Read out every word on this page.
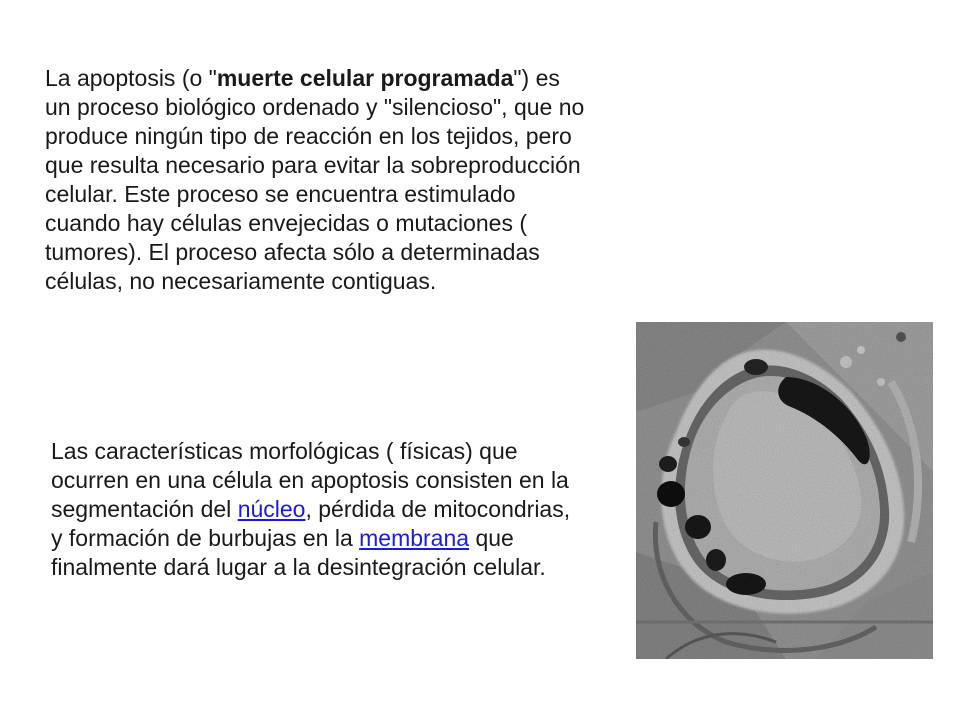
La apoptosis (o "muerte celular programada") es un proceso biológico ordenado y "silencioso", que no produce ningún tipo de reacción en los tejidos, pero que resulta necesario para evitar la sobreproducción celular. Este proceso se encuentra estimulado cuando hay células envejecidas o mutaciones ( tumores). El proceso afecta sólo a determinadas células, no necesariamente contiguas.

Las características morfológicas ( físicas) que ocurren en una célula en apoptosis consisten en la segmentación del núcleo, pérdida de mitocondrias, y formación de burbujas en la membrana que finalmente dará lugar a la desintegración celular.
